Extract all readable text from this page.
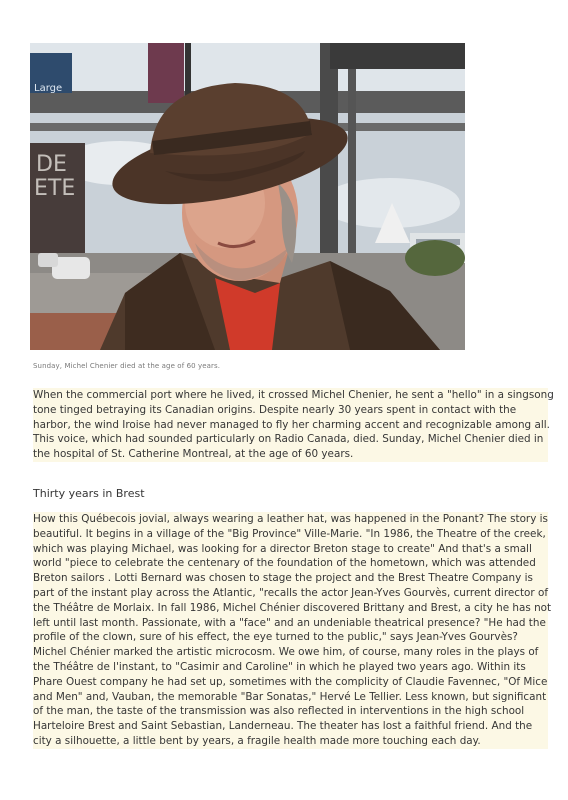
Large
DE
ETE
Sunday, Michel Chenier died at the age of 60 years.
When the commercial port where he lived, it crossed Michel Chenier, he sent a "hello" in a singsong
tone tinged betraying its Canadian origins. Despite nearly 30 years spent in contact with the
harbor, the wind Iroise had never managed to fly her charming accent and recognizable among all.
This voice, which had sounded particularly on Radio Canada, died. Sunday, Michel Chenier died in
the hospital of St. Catherine Montreal, at the age of 60 years.
Thirty years in Brest
How this Québecois jovial, always wearing a leather hat, was happened in the Ponant? The story is
beautiful. It begins in a village of the "Big Province" Ville-Marie. "In 1986, the Theatre of the creek,
which was playing Michael, was looking for a director Breton stage to create" And that's a small
world "piece to celebrate the centenary of the foundation of the hometown, which was attended
Breton sailors . Lotti Bernard was chosen to stage the project and the Brest Theatre Company is
part of the instant play across the Atlantic, "recalls the actor Jean-Yves Gourvès, current director of
the Théâtre de Morlaix. In fall 1986, Michel Chénier discovered Brittany and Brest, a city he has not
left until last month. Passionate, with a "face" and an undeniable theatrical presence? "He had the
profile of the clown, sure of his effect, the eye turned to the public," says Jean-Yves Gourvès?
Michel Chénier marked the artistic microcosm. We owe him, of course, many roles in the plays of
the Théâtre de l'instant, to "Casimir and Caroline" in which he played two years ago. Within its
Phare Ouest company he had set up, sometimes with the complicity of Claudie Favennec, "Of Mice
and Men" and, Vauban, the memorable "Bar Sonatas," Hervé Le Tellier. Less known, but significant
of the man, the taste of the transmission was also reflected in interventions in the high school
Harteloire Brest and Saint Sebastian, Landerneau. The theater has lost a faithful friend. And the
city a silhouette, a little bent by years, a fragile health made more touching each day.
